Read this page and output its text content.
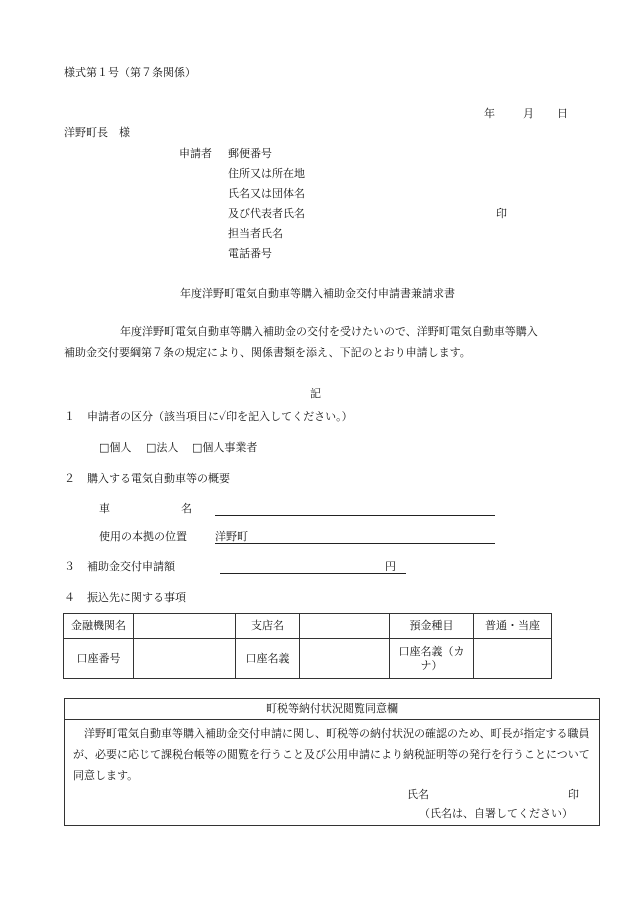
様式第１号（第７条関係）
年	月 日
洋野町長　様
申請者 郵便番号
住所又は所在地
氏名又は団体名
及び代表者氏名	印
担当者氏名
電話番号
年度洋野町電気自動車等購入補助金交付申請書兼請求書
年度洋野町電気自動車等購入補助金の交付を受けたいので、洋野町電気自動車等購入
補助金交付要綱第７条の規定により、関係書類を添え、下記のとおり申請します。
記
１ 申請者の区分（該当項目に✓印を記入してください。）
□個人 □法人 □個人事業者
２ 購入する電気自動車等の概要
車	名
使用の本拠の位置	洋野町
３ 補助金交付申請額	円
４ 振込先に関する事項
金融機関名		支店名		預金種目	普通・当座
口座番号		口座名義		口座名義（カナ）	
町税等納付状況閲覧同意欄
　洋野町電気自動車等購入補助金交付申請に関し、町税等の納付状況の確認のため、町長が指定する職員が、必要に応じて課税台帳等の閲覧を行うこと及び公用申請により納税証明等の発行を行うことについて同意します。
氏名	印
（氏名は、自署してください）
